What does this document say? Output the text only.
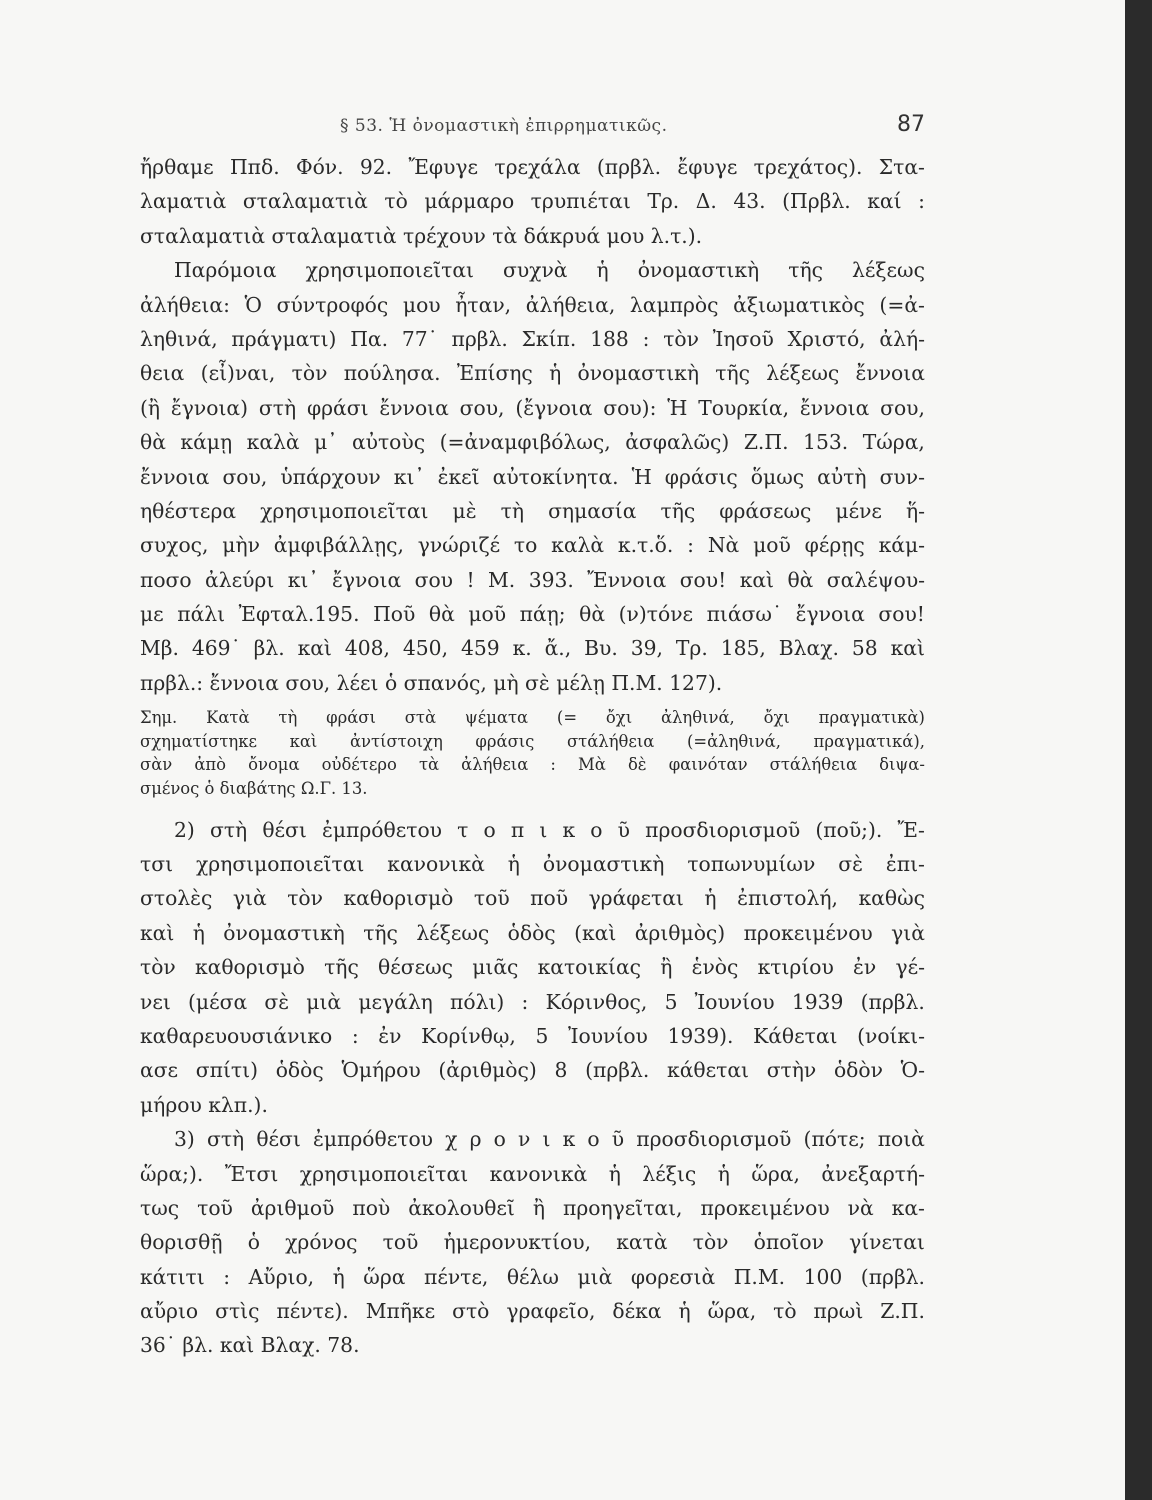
§ 53. Ἡ ὀνομαστικὴ ἐπιρρηματικῶς.	87
ἤρθαμε Ππδ. Φόν. 92. Ἔφυγε τρεχάλα (πρβλ. ἔφυγε τρεχάτος). Στα-
λαματιὰ σταλαματιὰ τὸ μάρμαρο τρυπιέται Τρ. Δ. 43. (Πρβλ. καί :
σταλαματιὰ σταλαματιὰ τρέχουν τὰ δάκρυά μου λ.τ.).
Παρόμοια χρησιμοποιεῖται συχνὰ ἡ ὀνομαστικὴ τῆς λέξεως
ἀλήθεια: Ὁ σύντροφός μου ἦταν, ἀλήθεια, λαμπρὸς ἀξιωματικὸς (=ἀ-
ληθινά, πράγματι) Πα. 77˙ πρβλ. Σκίπ. 188 : τὸν Ἰησοῦ Χριστό, ἀλή-
θεια (εἶ)ναι, τὸν πούλησα. Ἐπίσης ἡ ὀνομαστικὴ τῆς λέξεως ἔννοια
(ἢ ἔγνοια) στὴ φράσι ἔννοια σου, (ἔγνοια σου): Ἡ Τουρκία, ἔννοια σου,
θὰ κάμῃ καλὰ μ᾽ αὐτοὺς (=ἀναμφιβόλως, ἀσφαλῶς) Ζ.Π. 153. Τώρα,
ἔννοια σου, ὑπάρχουν κι᾽ ἐκεῖ αὐτοκίνητα. Ἡ φράσις ὅμως αὐτὴ συν-
ηθέστερα χρησιμοποιεῖται μὲ τὴ σημασία τῆς φράσεως μένε ἥ-
συχος, μὴν ἀμφιβάλλῃς, γνώριζέ το καλὰ κ.τ.ὅ. : Νὰ μοῦ φέρῃς κάμ-
ποσο ἀλεύρι κι᾽ ἔγνοια σου ! Μ. 393. Ἔννοια σου! καὶ θὰ σαλέψου-
με πάλι Ἐφταλ.195. Ποῦ θὰ μοῦ πάῃ; θὰ (ν)τόνε πιάσω˙ ἔγνοια σου!
Μβ. 469˙ βλ. καὶ 408, 450, 459 κ. ἄ., Βυ. 39, Τρ. 185, Βλαχ. 58 καὶ
πρβλ.: ἔννοια σου, λέει ὁ σπανός, μὴ σὲ μέλῃ Π.Μ. 127).
Σημ. Κατὰ τὴ φράσι στὰ ψέματα (= ὄχι ἀληθινά, ὄχι πραγματικὰ)
σχηματίστηκε καὶ ἀντίστοιχη φράσις στάλήθεια (=ἀληθινά, πραγματικά),
σὰν ἀπὸ ὄνομα οὐδέτερο τὰ ἀλήθεια : Μὰ δὲ φαινόταν στάλήθεια διψα-
σμένος ὁ διαβάτης Ω.Γ. 13.
2) στὴ θέσι ἐμπρόθετου τ ο π ι κ ο ῦ προσδιορισμοῦ (ποῦ;). Ἔ-
τσι χρησιμοποιεῖται κανονικὰ ἡ ὀνομαστικὴ τοπωνυμίων σὲ ἐπι-
στολὲς γιὰ τὸν καθορισμὸ τοῦ ποῦ γράφεται ἡ ἐπιστολή, καθὼς
καὶ ἡ ὀνομαστικὴ τῆς λέξεως ὁδὸς (καὶ ἀριθμὸς) προκειμένου γιὰ
τὸν καθορισμὸ τῆς θέσεως μιᾶς κατοικίας ἢ ἑνὸς κτιρίου ἐν γέ-
νει (μέσα σὲ μιὰ μεγάλη πόλι) : Κόρινθος, 5 Ἰουνίου 1939 (πρβλ.
καθαρευουσιάνικο : ἐν Κορίνθῳ, 5 Ἰουνίου 1939). Κάθεται (νοίκι-
ασε σπίτι) ὁδὸς Ὁμήρου (ἀριθμὸς) 8 (πρβλ. κάθεται στὴν ὁδὸν Ὁ-
μήρου κλπ.).
3) στὴ θέσι ἐμπρόθετου χ ρ ο ν ι κ ο ῦ προσδιορισμοῦ (πότε; ποιὰ
ὥρα;). Ἔτσι χρησιμοποιεῖται κανονικὰ ἡ λέξις ἡ ὥρα, ἀνεξαρτή-
τως τοῦ ἀριθμοῦ ποὺ ἀκολουθεῖ ἢ προηγεῖται, προκειμένου νὰ κα-
θορισθῇ ὁ χρόνος τοῦ ἡμερονυκτίου, κατὰ τὸν ὁποῖον γίνεται
κάτιτι : Αὔριο, ἡ ὥρα πέντε, θέλω μιὰ φορεσιὰ Π.Μ. 100 (πρβλ.
αὔριο στὶς πέντε). Μπῆκε στὸ γραφεῖο, δέκα ἡ ὥρα, τὸ πρωὶ Ζ.Π.
36˙ βλ. καὶ Βλαχ. 78.
